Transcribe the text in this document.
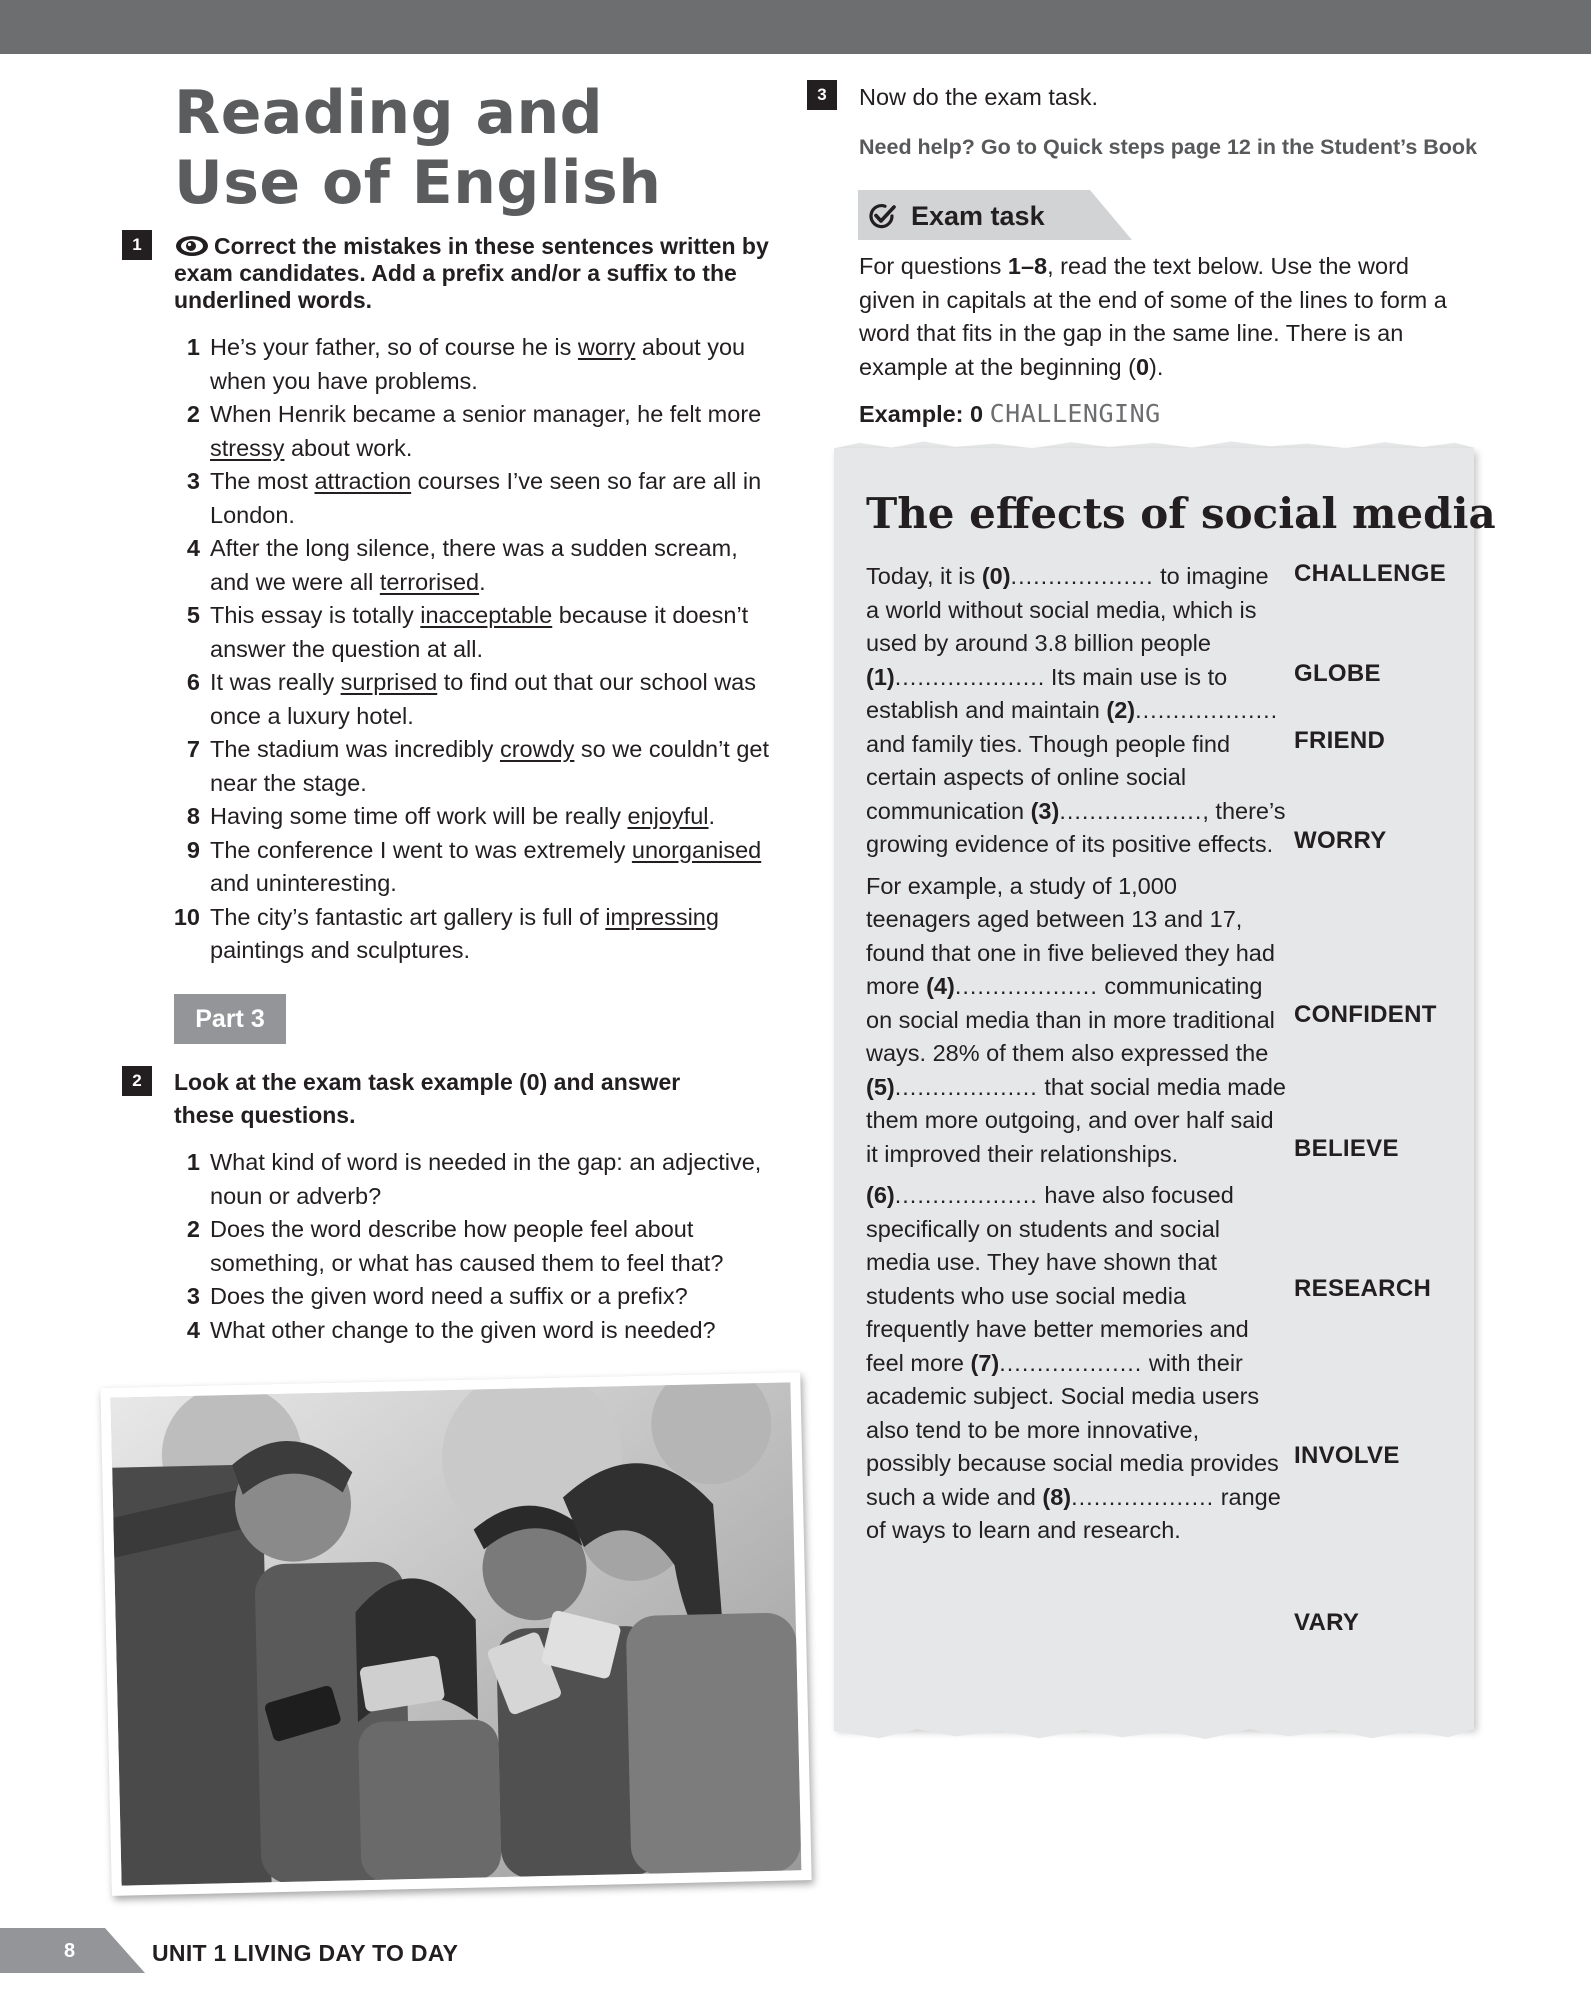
Reading and
Use of English
1	Correct the mistakes in these sentences written by exam candidates. Add a prefix and/or a suffix to the underlined words.
1 He’s your father, so of course he is worry about you when you have problems.
2 When Henrik became a senior manager, he felt more stressy about work.
3 The most attraction courses I’ve seen so far are all in London.
4 After the long silence, there was a sudden scream, and we were all terrorised.
5 This essay is totally inacceptable because it doesn’t answer the question at all.
6 It was really surprised to find out that our school was once a luxury hotel.
7 The stadium was incredibly crowdy so we couldn’t get near the stage.
8 Having some time off work will be really enjoyful.
9 The conference I went to was extremely unorganised and uninteresting.
10 The city’s fantastic art gallery is full of impressing paintings and sculptures.
Part 3
2	Look at the exam task example (0) and answer these questions.
1 What kind of word is needed in the gap: an adjective, noun or adverb?
2 Does the word describe how people feel about something, or what has caused them to feel that?
3 Does the given word need a suffix or a prefix?
4 What other change to the given word is needed?
3	Now do the exam task.
Need help? Go to Quick steps page 12 in the Student’s Book
Exam task
For questions 1–8, read the text below. Use the word given in capitals at the end of some of the lines to form a word that fits in the gap in the same line. There is an example at the beginning (0).
Example: 0 CHALLENGING
The effects of social media

Today, it is (0)................... to imagine a world without social media, which is used by around 3.8 billion people (1).................... Its main use is to establish and maintain (2)................... and family ties. Though people find certain aspects of online social communication (3)..................., there’s growing evidence of its positive effects.

For example, a study of 1,000 teenagers aged between 13 and 17, found that one in five believed they had more (4)................... communicating on social media than in more traditional ways. 28% of them also expressed the (5)................... that social media made them more outgoing, and over half said it improved their relationships.

(6)................... have also focused specifically on students and social media use. They have shown that students who use social media frequently have better memories and feel more (7)................... with their academic subject. Social media users also tend to be more innovative, possibly because social media provides such a wide and (8)................... range of ways to learn and research.

CHALLENGE
GLOBE
FRIEND
WORRY
CONFIDENT
BELIEVE
RESEARCH
INVOLVE
VARY
8	UNIT 1 LIVING DAY TO DAY
